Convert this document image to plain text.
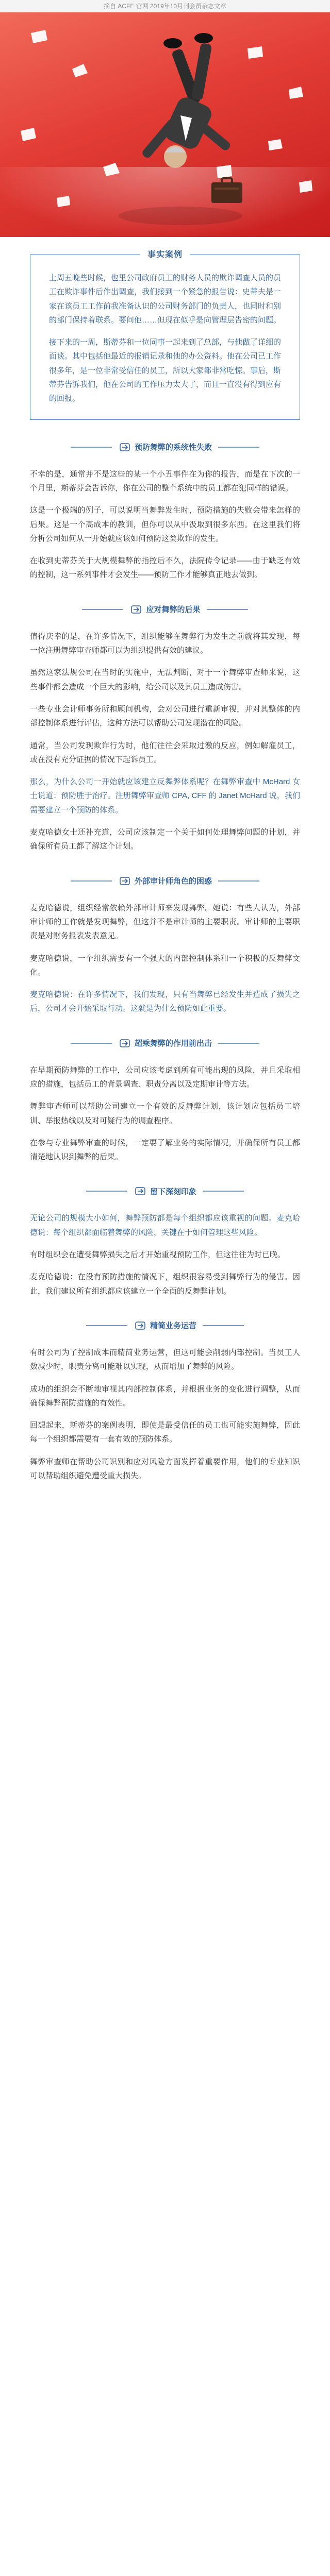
摘自 ACFE 官网 2019年10月刊会员杂志文章
事实案例

上周五晚些时候，也里公司政府员工的财务人员的欺诈调查人员的员工在欺诈事件后作出调查，我们接到一个紧急的报告说：史蒂夫是一家在该员工工作前我准备认识的公司财务部门的负责人，也同时和别的部门保持着联系。要问他……但现在似乎是向管理层告密的问题。

接下来的一周，斯蒂芬和一位同事一起来到了总部，与他做了详细的面谈。其中包括他最近的报销记录和他的办公资料。他在公司已工作很多年，是一位非常受信任的员工，所以大家都非常吃惊。事后，斯蒂芬告诉我们，他在公司的工作压力太大了，而且一直没有得到应有的回报。

预防舞弊的系统性失败

不幸的是，通常并不是这些的某一个小丑事件在为你的报告，而是在下次的一个月里，斯蒂芬会告诉你，你在公司的整个系统中的员工都在犯同样的错误。

这是一个极端的例子，可以说明当舞弊发生时，预防措施的失败会带来怎样的后果。这是一个高成本的教训，但你可以从中汲取到很多东西。在这里我们将分析公司如何从一开始就应该如何预防这类欺诈的发生。

在收到史蒂芬关于大规模舞弊的指控后不久，法院传令记录——由于缺乏有效的控制，这一系列事件才会发生——预防工作才能够真正地去做到。

应对舞弊的后果

值得庆幸的是，在许多情况下，组织能够在舞弊行为发生之前就将其发现，每一位注册舞弊审查师都可以为组织提供有效的建议。

虽然这家法规公司在当时的实施中，无法判断，对于一个舞弊审查师来说，这些事件都会造成一个巨大的影响，给公司以及其员工造成伤害。

一些专业会计师事务所和顾问机构，会对公司进行重新审视，并对其整体的内部控制体系进行评估，这种方法可以帮助公司发现潜在的风险。

通常，当公司发现欺诈行为时，他们往往会采取过激的反应，例如解雇员工，或在没有充分证据的情况下起诉员工。

那么，为什么公司一开始就应该建立反舞弊体系呢？在舞弊审查中 McHard 女士说道：预防胜于治疗。注册舞弊审查师 CPA, CFF 的 Janet McHard 说，我们需要建立一个预防的体系。

麦克哈德女士还补充道，公司应该制定一个关于如何处理舞弊问题的计划，并确保所有员工都了解这个计划。

外部审计师角色的困惑

麦克哈德说，组织经常依赖外部审计师来发现舞弊。她说：有些人认为，外部审计师的工作就是发现舞弊，但这并不是审计师的主要职责。审计师的主要职责是对财务报表发表意见。

麦克哈德说，一个组织需要有一个强大的内部控制体系和一个积极的反舞弊文化。

麦克哈德说：在许多情况下，我们发现，只有当舞弊已经发生并造成了损失之后，公司才会开始采取行动。这就是为什么预防如此重要。

超乘舞弊的作用前出击

在早期预防舞弊的工作中，公司应该考虑到所有可能出现的风险，并且采取相应的措施，包括员工的背景调查、职责分离以及定期审计等方法。

舞弊审查师可以帮助公司建立一个有效的反舞弊计划，该计划应包括员工培训、举报热线以及对可疑行为的调查程序。

在参与专业舞弊审查的时候，一定要了解业务的实际情况，并确保所有员工都清楚地认识到舞弊的后果。

留下深刻印象

无论公司的规模大小如何，舞弊预防都是每个组织都应该重视的问题。麦克哈德说：每个组织都面临着舞弊的风险，关键在于如何管理这些风险。

有时组织会在遭受舞弊损失之后才开始重视预防工作，但这往往为时已晚。

麦克哈德说：在没有预防措施的情况下，组织很容易受到舞弊行为的侵害。因此，我们建议所有组织都应该建立一个全面的反舞弊计划。

精简业务运营

有时公司为了控制成本而精简业务运营，但这可能会削弱内部控制。当员工人数减少时，职责分离可能难以实现，从而增加了舞弊的风险。

成功的组织会不断地审视其内部控制体系，并根据业务的变化进行调整，从而确保舞弊预防措施的有效性。

回想起来，斯蒂芬的案例表明，即使是最受信任的员工也可能实施舞弊，因此每一个组织都需要有一套有效的预防体系。

舞弊审查师在帮助公司识别和应对风险方面发挥着重要作用，他们的专业知识可以帮助组织避免遭受重大损失。
